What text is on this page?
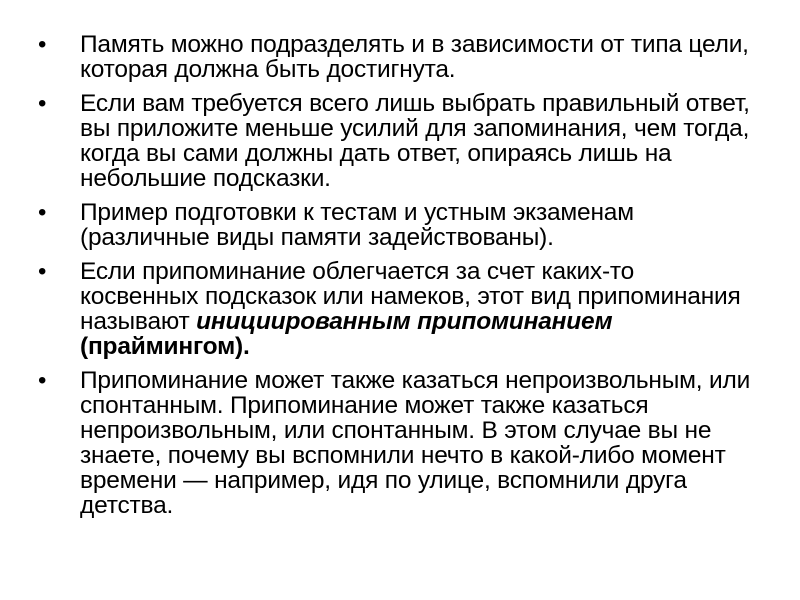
•	Память можно подразделять и в зависимости от типа цели, которая должна быть достигнута.
•	Если вам требуется всего лишь выбрать правильный ответ, вы приложите меньше усилий для запоминания, чем тогда, когда вы сами должны дать ответ, опираясь лишь на небольшие подсказки.
•	Пример подготовки к тестам и устным экзаменам (различные виды памяти задействованы).
•	Если припоминание облегчается за счет каких-то косвенных подсказок или намеков, этот вид припоминания называют инициированным припоминанием (праймингом).
•	Припоминание может также казаться непроизвольным, или спонтанным. Припоминание может также казаться непроизвольным, или спонтанным. В этом случае вы не знаете, почему вы вспомнили нечто в какой-либо момент времени — например, идя по улице, вспомнили друга детства.
